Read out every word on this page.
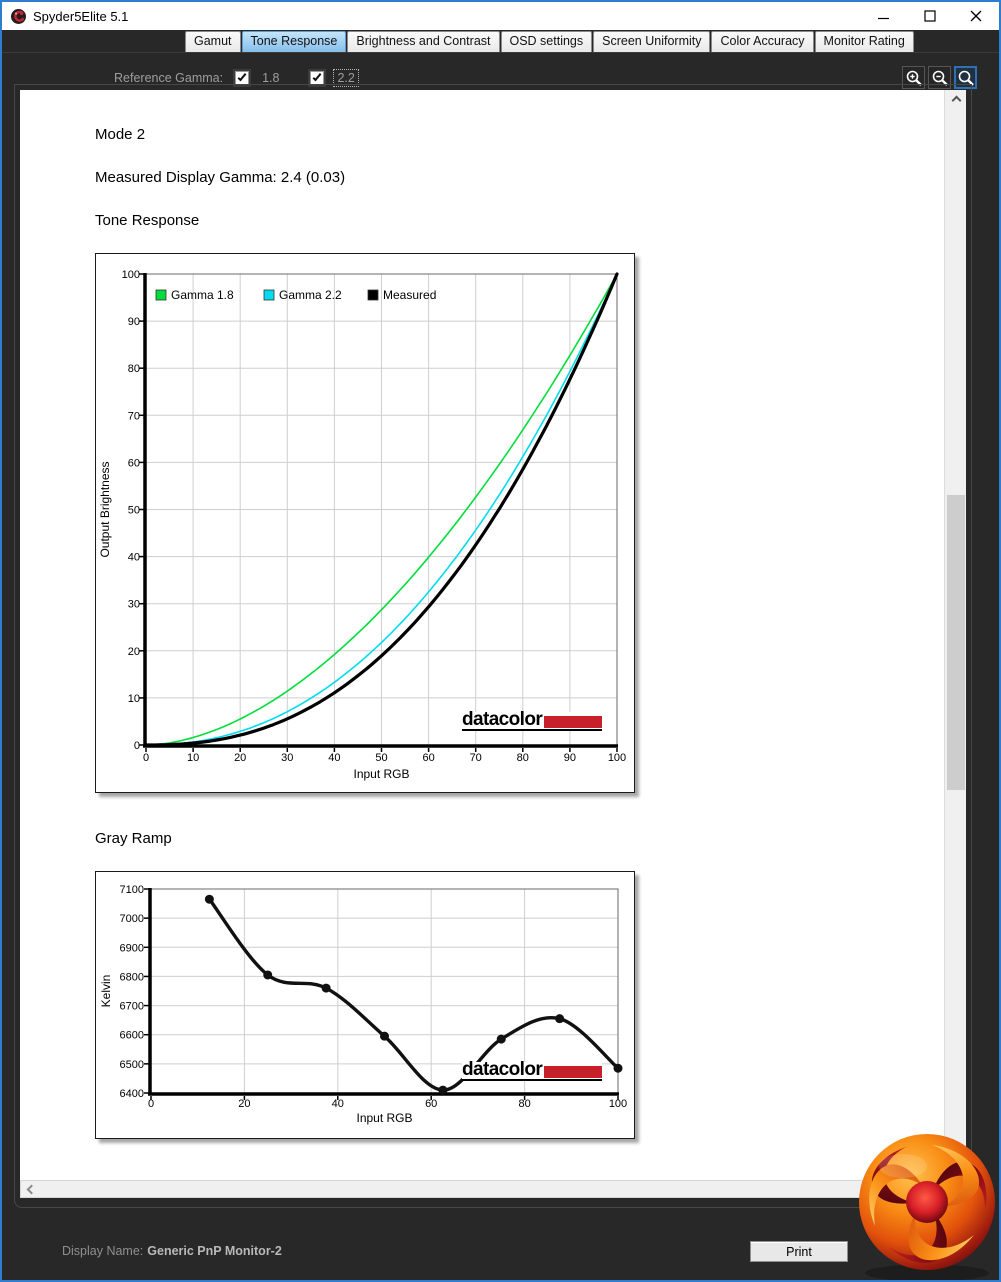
Spyder5Elite 5.1
Gamut	Tone Response	Brightness and Contrast	OSD settings	Screen Uniformity	Color Accuracy	Monitor Rating
Reference Gamma:	1.8	2.2
Mode 2
Measured Display Gamma: 2.4 (0.03)
Tone Response
0	10	20	30	40	50	60	70	80	90	100
0
10
20
30
40
50
60
70
80
90
100
Gamma 1.8	Gamma 2.2	Measured
Input RGB
Output Brightness
datacolor
Gray Ramp
0	20	40	60	80	100
6400
6500
6600
6700
6800
6900
7000
7100
Input RGB
Kelvin
datacolor
Display Name: Generic PnP Monitor-2	Print
